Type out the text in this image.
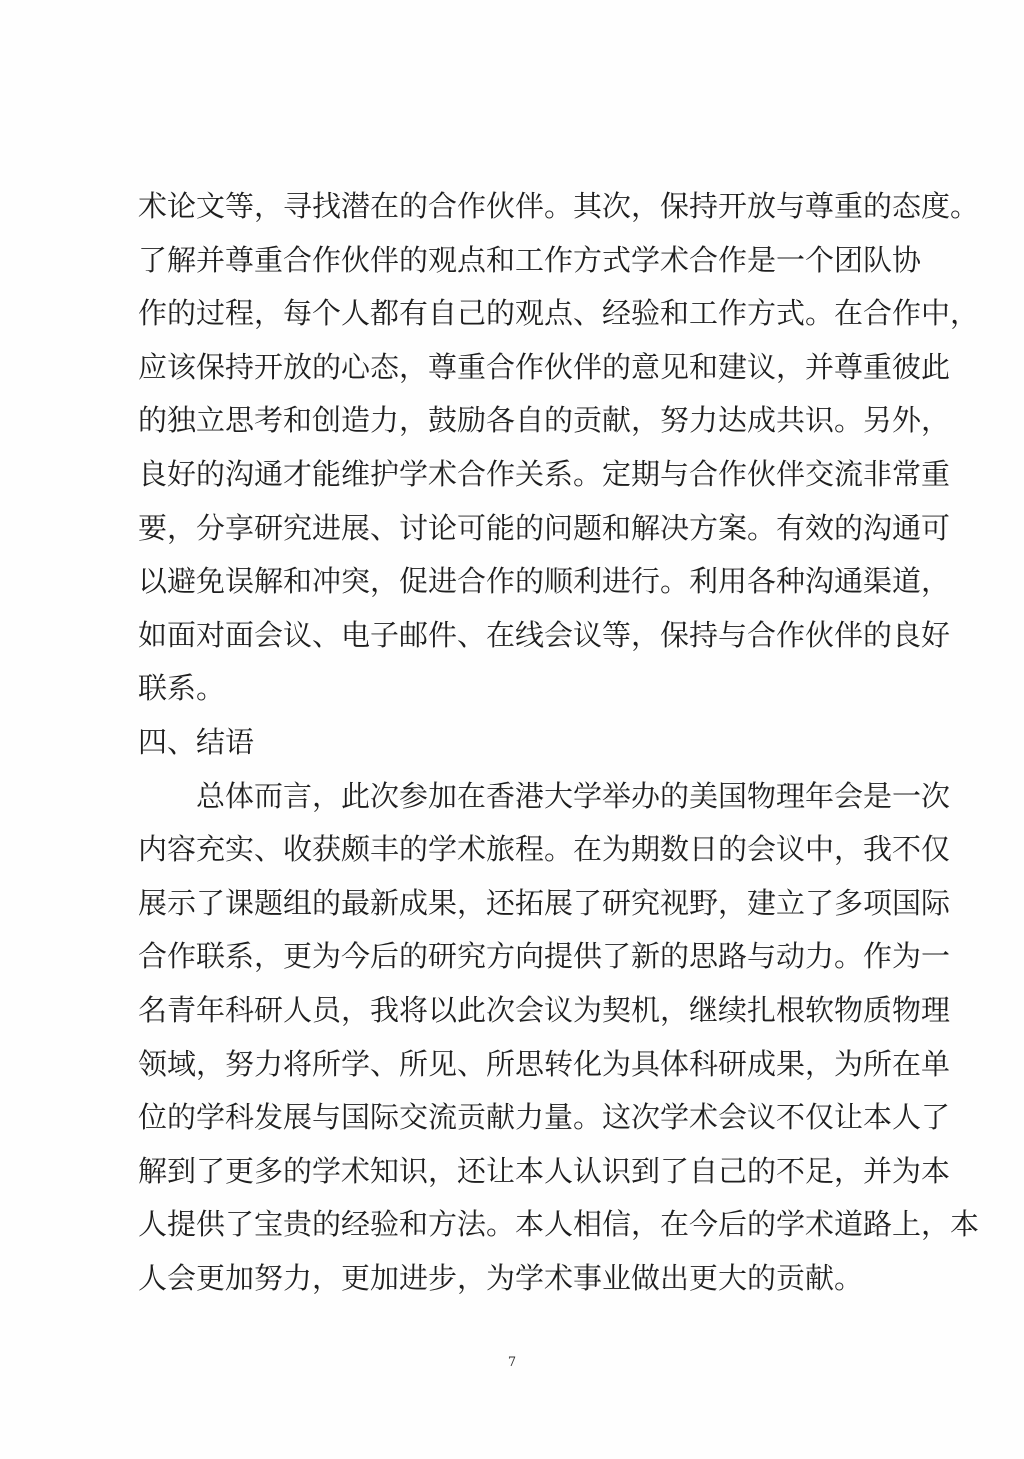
术论文等，寻找潜在的合作伙伴。其次，保持开放与尊重的态度。
了解并尊重合作伙伴的观点和工作方式学术合作是一个团队协
作的过程，每个人都有自己的观点、经验和工作方式。在合作中，
应该保持开放的心态，尊重合作伙伴的意见和建议，并尊重彼此
的独立思考和创造力，鼓励各自的贡献，努力达成共识。另外，
良好的沟通才能维护学术合作关系。定期与合作伙伴交流非常重
要，分享研究进展、讨论可能的问题和解决方案。有效的沟通可
以避免误解和冲突，促进合作的顺利进行。利用各种沟通渠道，
如面对面会议、电子邮件、在线会议等，保持与合作伙伴的良好
联系。
四、结语
总体而言，此次参加在香港大学举办的美国物理年会是一次
内容充实、收获颇丰的学术旅程。在为期数日的会议中，我不仅
展示了课题组的最新成果，还拓展了研究视野，建立了多项国际
合作联系，更为今后的研究方向提供了新的思路与动力。作为一
名青年科研人员，我将以此次会议为契机，继续扎根软物质物理
领域，努力将所学、所见、所思转化为具体科研成果，为所在单
位的学科发展与国际交流贡献力量。这次学术会议不仅让本人了
解到了更多的学术知识，还让本人认识到了自己的不足，并为本
人提供了宝贵的经验和方法。本人相信，在今后的学术道路上，本
人会更加努力，更加进步，为学术事业做出更大的贡献。
7
